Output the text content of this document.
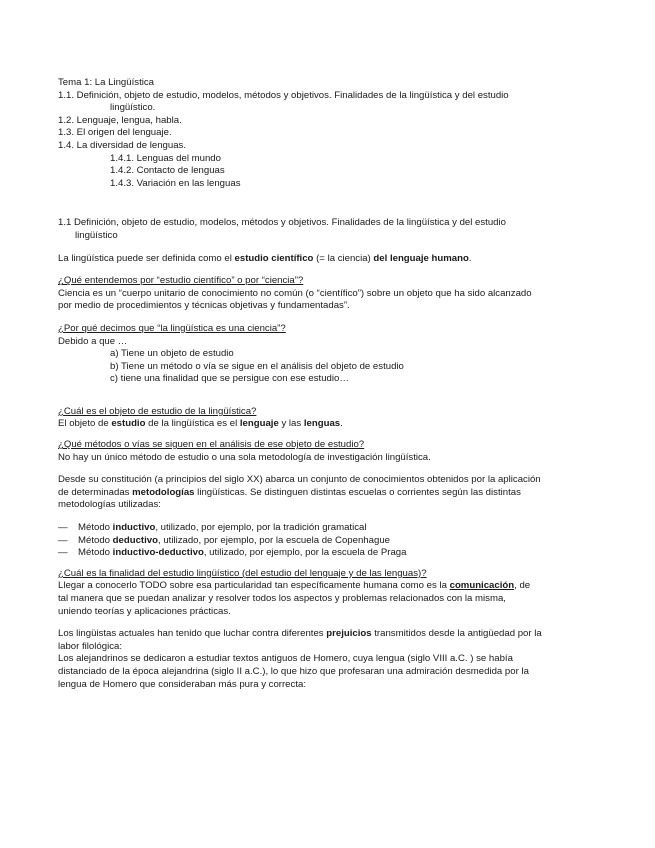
Tema 1: La Lingüística

1.1. Definición, objeto de estudio, modelos, métodos y objetivos. Finalidades de la lingüística y del estudio

lingüístico.

1.2. Lenguaje, lengua, habla.

1.3. El origen del lenguaje.

1.4. La diversidad de lenguas.

1.4.1. Lenguas del mundo

1.4.2. Contacto de lenguas

1.4.3. Variación en las lenguas

1.1 Definición, objeto de estudio, modelos, métodos y objetivos. Finalidades de la lingüística y del estudio

lingüístico

La lingüística puede ser definida como el estudio científico (= la ciencia) del lenguaje humano.

¿Qué entendemos por “estudio científico” o por “ciencia”?

Ciencia es un “cuerpo unitario de conocimiento no común (o “científico”) sobre un objeto que ha sido alcanzado

por medio de procedimientos y técnicas objetivas y fundamentadas”.

¿Por qué decimos que “la lingüística es una ciencia”?

Debido a que …

a) Tiene un objeto de estudio

b) Tiene un método o vía se sigue en el análisis del objeto de estudio

c) tiene una finalidad que se persigue con ese estudio…

¿Cuál es el objeto de estudio de la lingüística?

El objeto de estudio de la lingüística es el lenguaje y las lenguas.

¿Qué métodos o vías se siguen en el análisis de ese objeto de estudio?

No hay un único método de estudio o una sola metodología de investigación lingüística.

Desde su constitución (a principios del siglo XX) abarca un conjunto de conocimientos obtenidos por la aplicación

de determinadas metodologías lingüísticas. Se distinguen distintas escuelas o corrientes según las distintas

metodologías utilizadas:

— Método inductivo, utilizado, por ejemplo, por la tradición gramatical

— Método deductivo, utilizado, por ejemplo, por la escuela de Copenhague

— Método inductivo-deductivo, utilizado, por ejemplo, por la escuela de Praga

¿Cuál es la finalidad del estudio lingüístico (del estudio del lenguaje y de las lenguas)?

Llegar a conocerlo TODO sobre esa particularidad tan específicamente humana como es la comunicación, de

tal manera que se puedan analizar y resolver todos los aspectos y problemas relacionados con la misma,

uniendo teorías y aplicaciones prácticas.

Los lingüistas actuales han tenido que luchar contra diferentes prejuicios transmitidos desde la antigüedad por la

labor filológica:

Los alejandrinos se dedicaron a estudiar textos antiguos de Homero, cuya lengua (siglo VIII a.C. ) se había

distanciado de la época alejandrina (siglo II a.C.), lo que hizo que profesaran una admiración desmedida por la

lengua de Homero que consideraban más pura y correcta:
